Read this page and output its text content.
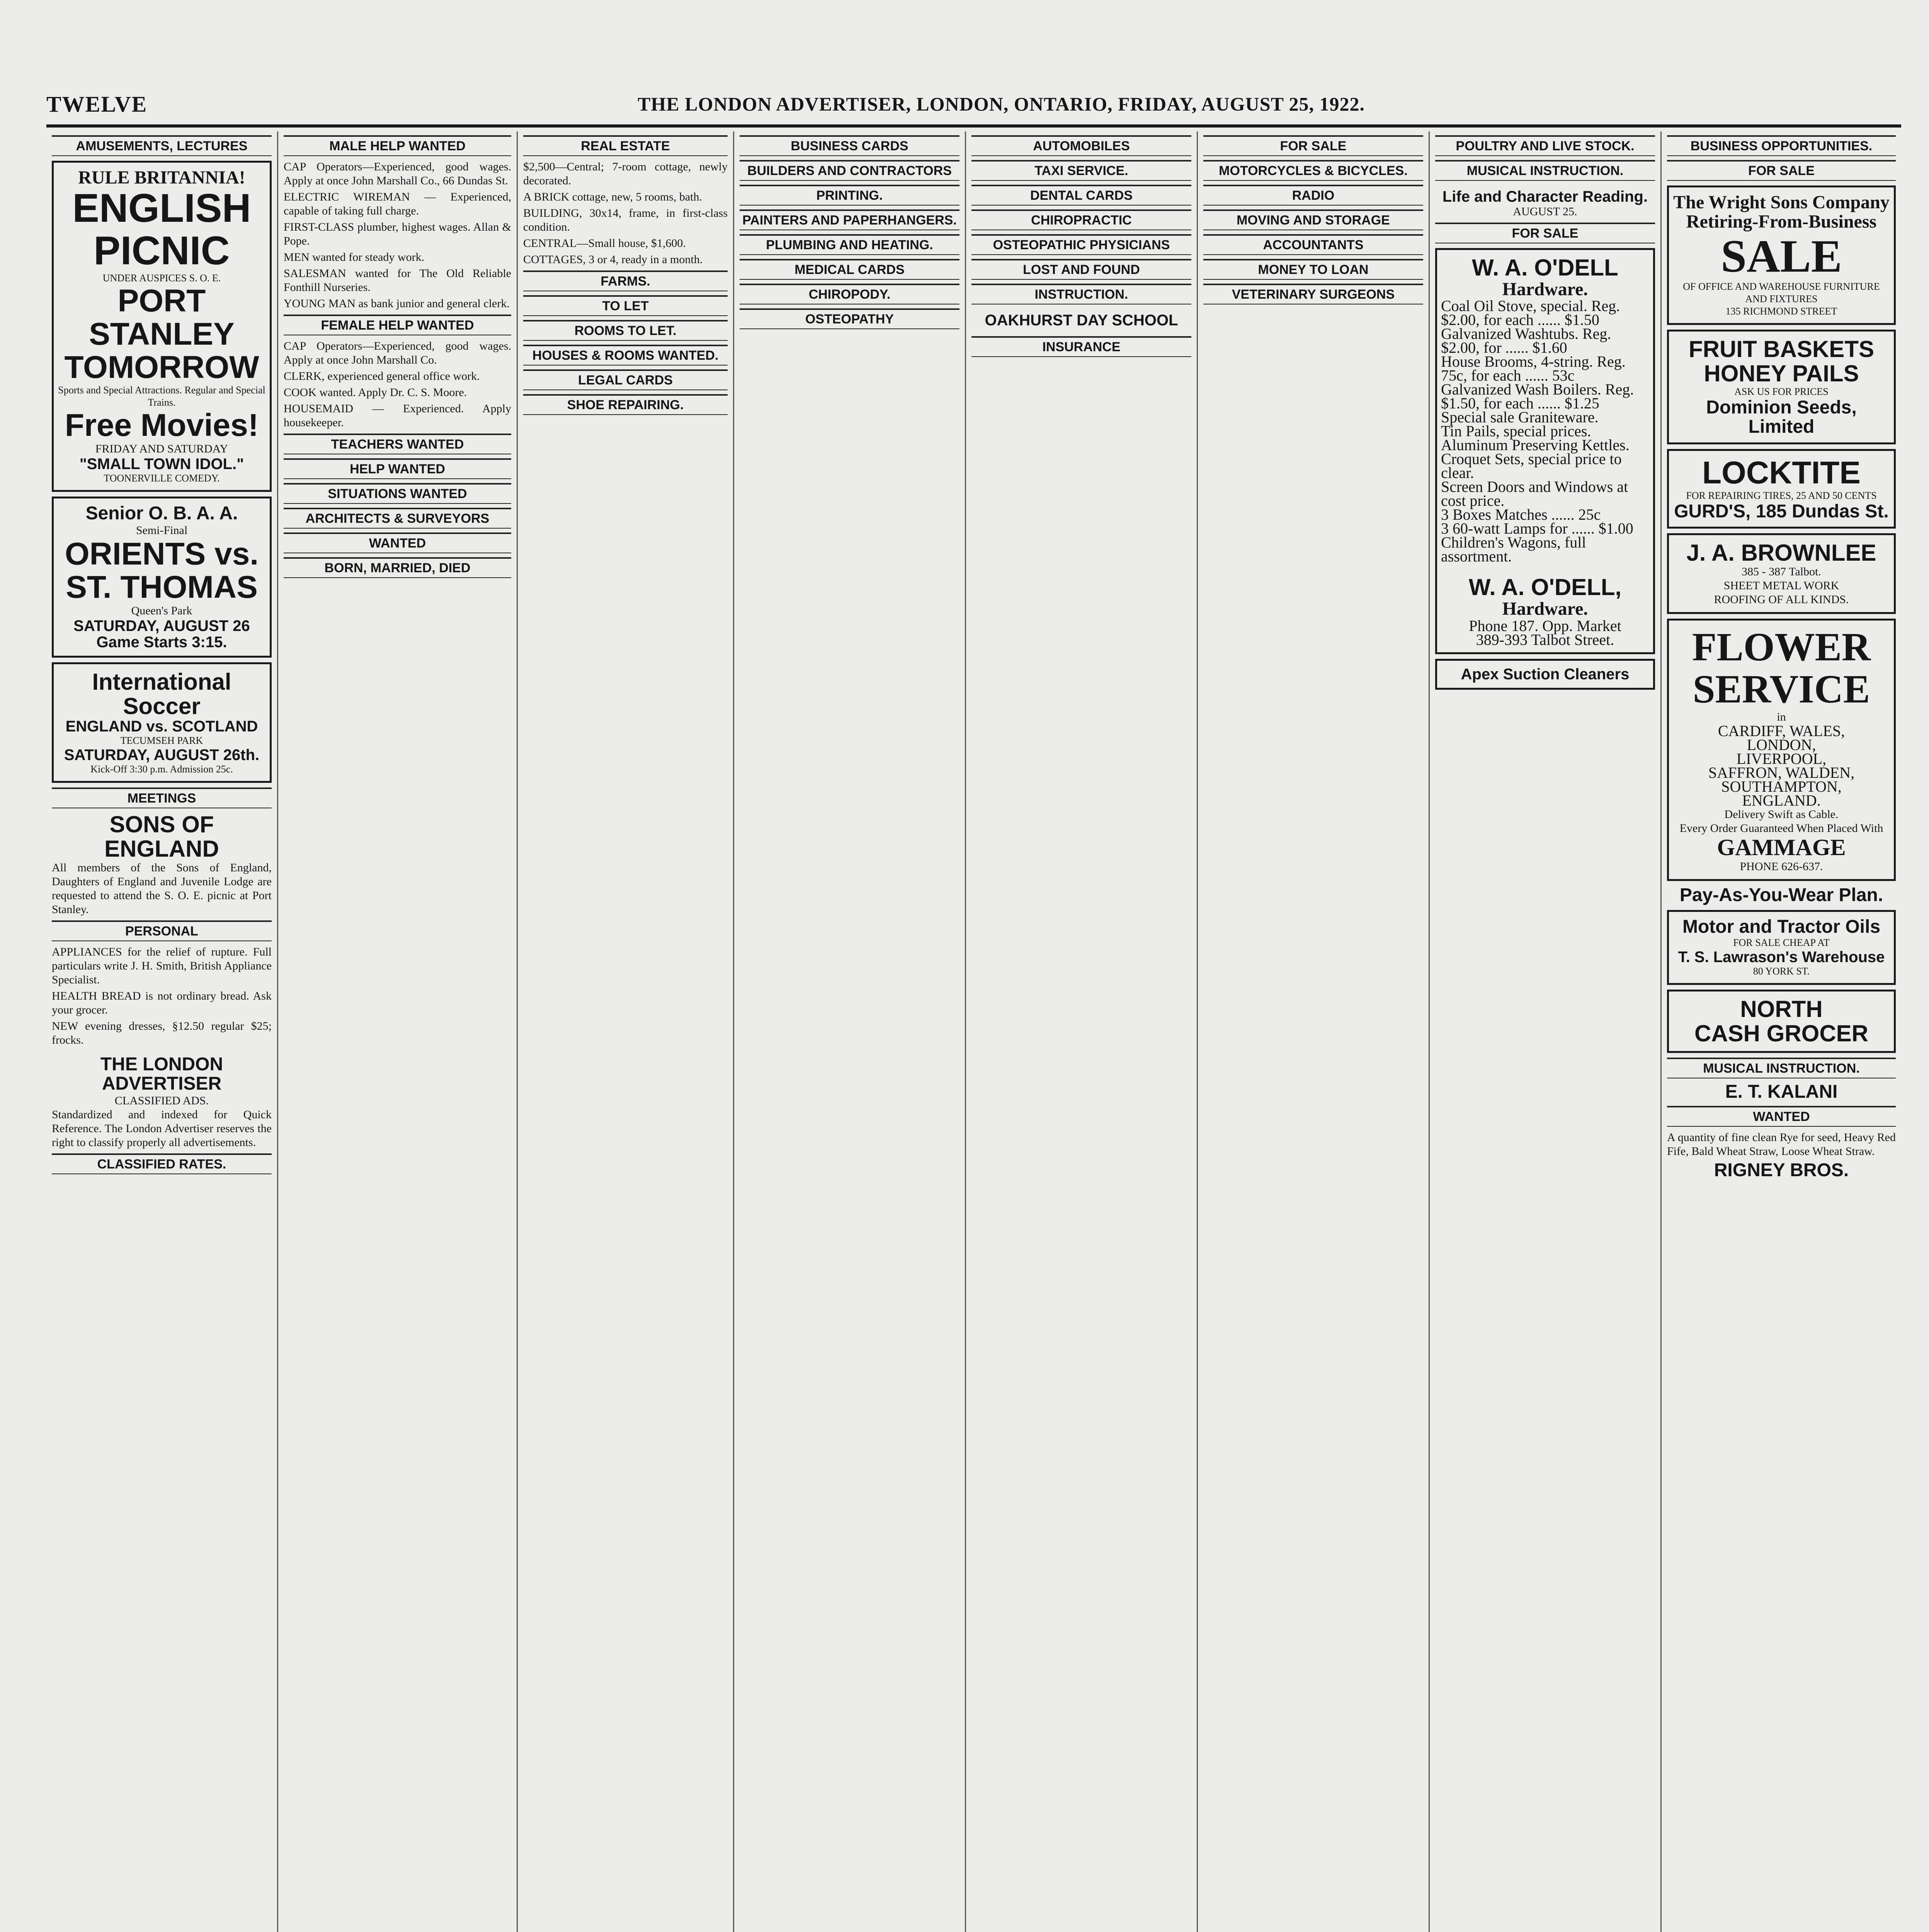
TWELVE	THE LONDON ADVERTISER, LONDON, ONTARIO, FRIDAY, AUGUST 25, 1922.
AMUSEMENTS, LECTURES
RULE BRITANNIA!
ENGLISH
PICNIC
UNDER AUSPICES S. O. E.
PORT STANLEY
TOMORROW
Sports and Special Attractions. Regular and Special Trains.
Free Movies!
FRIDAY AND SATURDAY
"SMALL TOWN IDOL."
TOONERVILLE COMEDY.
Senior O. B. A. A.
Semi-Final
ORIENTS vs.
ST. THOMAS
Queen's Park
SATURDAY, AUGUST 26
Game Starts 3:15.
International Soccer
ENGLAND vs. SCOTLAND
TECUMSEH PARK
SATURDAY, AUGUST 26th.
Kick-Off 3:30 p.m. Admission 25c.
MEETINGS
SONS OF ENGLAND
All members of the Sons of England, Daughters of England and Juvenile Lodge are requested to attend the S. O. E. picnic at Port Stanley.
PERSONAL
APPLIANCES for the relief of rupture. Full particulars write J. H. Smith, British Appliance Specialist.
HEALTH BREAD is not ordinary bread. Ask your grocer.
NEW evening dresses, §12.50 regular $25; frocks.
THE LONDON ADVERTISER
CLASSIFIED ADS.
Standardized and indexed for Quick Reference. The London Advertiser reserves the right to classify properly all advertisements.
CLASSIFIED RATES.
MALE HELP WANTED
CAP Operators—Experienced, good wages. Apply at once John Marshall Co., 66 Dundas St.
ELECTRIC WIREMAN — Experienced, capable of taking full charge.
FIRST-CLASS plumber, highest wages. Allan & Pope.
MEN wanted for steady work.
SALESMAN wanted for The Old Reliable Fonthill Nurseries.
YOUNG MAN as bank junior and general clerk.
FEMALE HELP WANTED
CAP Operators—Experienced, good wages. Apply at once John Marshall Co.
CLERK, experienced general office work.
COOK wanted. Apply Dr. C. S. Moore.
HOUSEMAID — Experienced. Apply housekeeper.
TEACHERS WANTED
HELP WANTED
SITUATIONS WANTED
ARCHITECTS & SURVEYORS
WANTED
BORN, MARRIED, DIED
REAL ESTATE
$2,500—Central; 7-room cottage, newly decorated.
A BRICK cottage, new, 5 rooms, bath.
BUILDING, 30x14, frame, in first-class condition.
CENTRAL—Small house, $1,600.
COTTAGES, 3 or 4, ready in a month.
FARMS.
TO LET
ROOMS TO LET.
HOUSES & ROOMS WANTED.
LEGAL CARDS
SHOE REPAIRING.
BUSINESS CARDS
BUILDERS AND CONTRACTORS
PRINTING.
PAINTERS AND PAPERHANGERS.
PLUMBING AND HEATING.
MEDICAL CARDS
CHIROPODY.
OSTEOPATHY
AUTOMOBILES
TAXI SERVICE.
DENTAL CARDS
CHIROPRACTIC
OSTEOPATHIC PHYSICIANS
LOST AND FOUND
INSTRUCTION.
OAKHURST DAY SCHOOL
INSURANCE
FOR SALE
MOTORCYCLES & BICYCLES.
RADIO
MOVING AND STORAGE
ACCOUNTANTS
MONEY TO LOAN
VETERINARY SURGEONS
POULTRY AND LIVE STOCK.
MUSICAL INSTRUCTION.
Life and Character Reading.
AUGUST 25.
FOR SALE
W. A. O'DELL
Hardware.
Coal Oil Stove, special. Reg. $2.00, for each ...... $1.50
Galvanized Washtubs. Reg. $2.00, for ...... $1.60
House Brooms, 4-string. Reg. 75c, for each ...... 53c
Galvanized Wash Boilers. Reg. $1.50, for each ...... $1.25
Special sale Graniteware.
Tin Pails, special prices.
Aluminum Preserving Kettles.
Croquet Sets, special price to clear.
Screen Doors and Windows at cost price.
3 Boxes Matches ...... 25c
3 60-watt Lamps for ...... $1.00
Children's Wagons, full assortment.
W. A. O'DELL,
Hardware.
Phone 187. Opp. Market
389-393 Talbot Street.
Apex Suction Cleaners
BUSINESS OPPORTUNITIES.
FOR SALE
The Wright Sons Company
Retiring-From-Business
SALE
OF OFFICE AND WAREHOUSE FURNITURE AND FIXTURES
135 RICHMOND STREET
FRUIT BASKETS
HONEY PAILS
ASK US FOR PRICES
Dominion Seeds, Limited
LOCKTITE
FOR REPAIRING TIRES, 25 AND 50 CENTS
GURD'S, 185 Dundas St.
J. A. BROWNLEE
385 - 387 Talbot.
SHEET METAL WORK
ROOFING OF ALL KINDS.
FLOWER
SERVICE
in
CARDIFF, WALES,
LONDON,
LIVERPOOL,
SAFFRON, WALDEN,
SOUTHAMPTON,
ENGLAND.
Delivery Swift as Cable.
Every Order Guaranteed When Placed With
GAMMAGE
PHONE 626-637.
Pay-As-You-Wear Plan.
Motor and Tractor Oils
FOR SALE CHEAP AT
T. S. Lawrason's Warehouse
80 YORK ST.
NORTH
CASH GROCER
MUSICAL INSTRUCTION.
E. T. KALANI
WANTED
A quantity of fine clean Rye for seed, Heavy Red Fife, Bald Wheat Straw, Loose Wheat Straw.
RIGNEY BROS.
